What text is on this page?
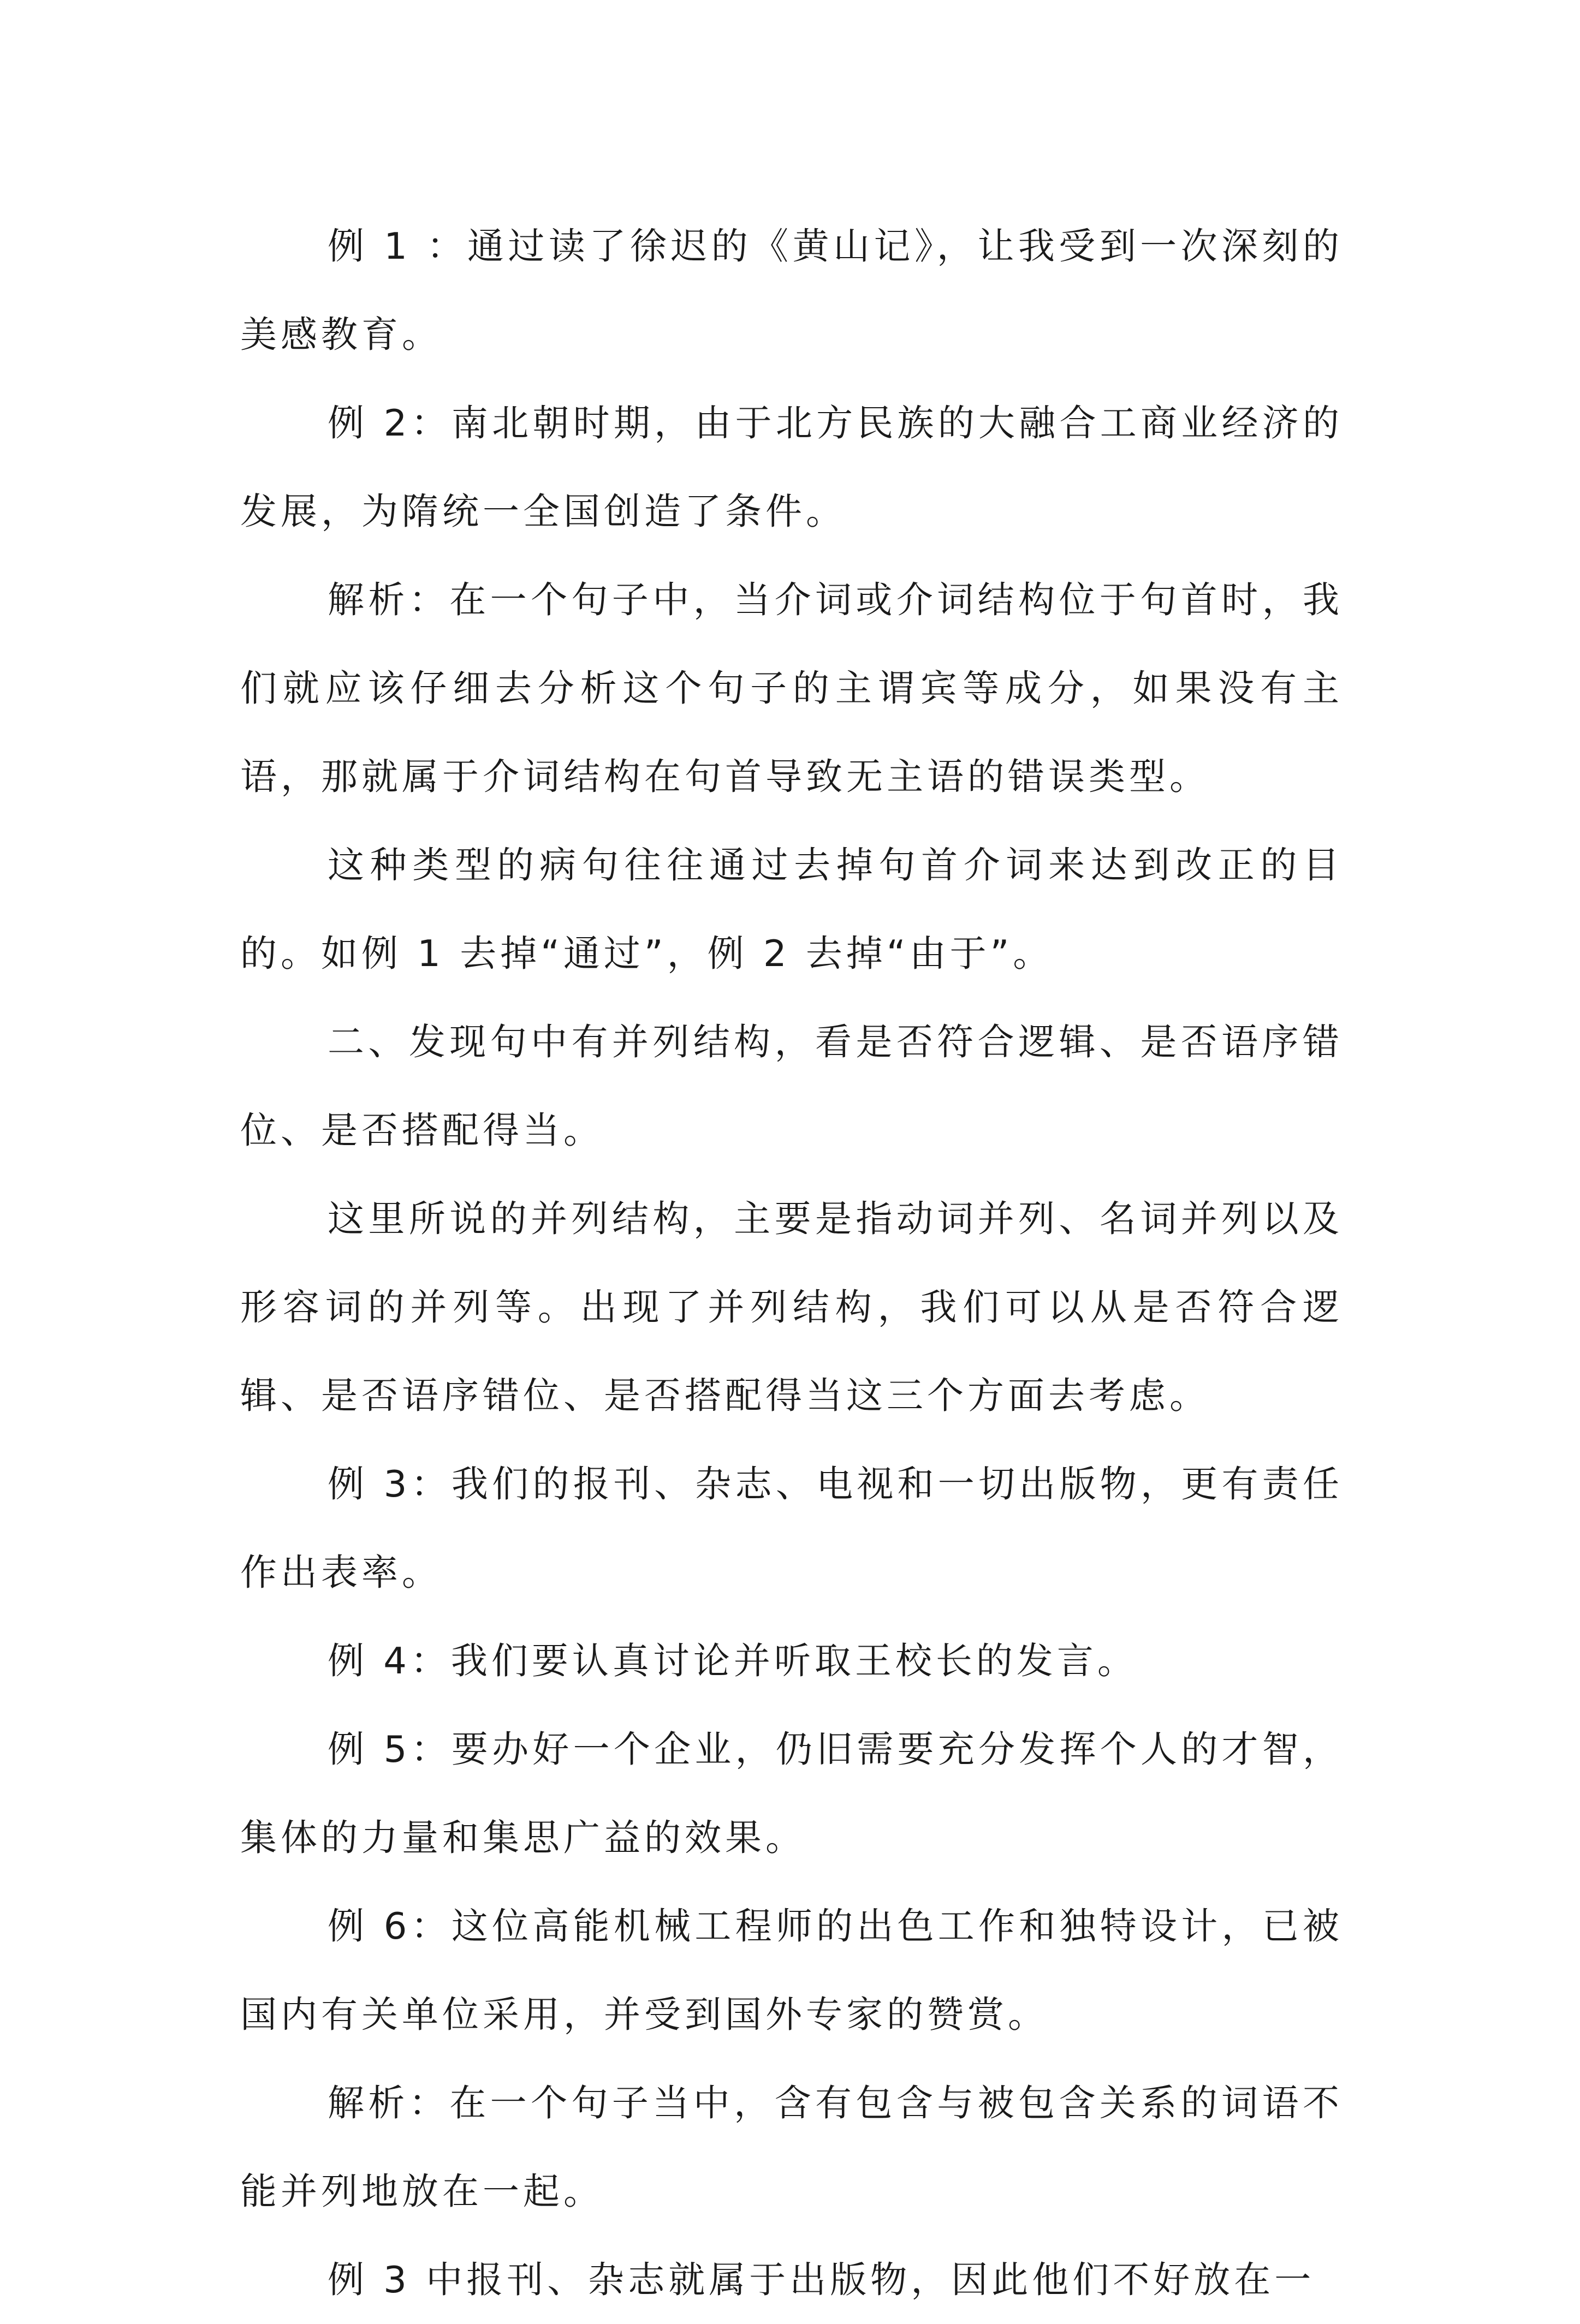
例 1 ：通过读了徐迟的《黄山记》，让我受到一次深刻的美感教育。

例 2：南北朝时期，由于北方民族的大融合工商业经济的发展，为隋统一全国创造了条件。

解析：在一个句子中，当介词或介词结构位于句首时，我们就应该仔细去分析这个句子的主谓宾等成分，如果没有主语，那就属于介词结构在句首导致无主语的错误类型。

这种类型的病句往往通过去掉句首介词来达到改正的目的。如例 1 去掉“通过”，例 2 去掉“由于”。

二、发现句中有并列结构，看是否符合逻辑、是否语序错位、是否搭配得当。

这里所说的并列结构，主要是指动词并列、名词并列以及形容词的并列等。出现了并列结构，我们可以从是否符合逻辑、是否语序错位、是否搭配得当这三个方面去考虑。

例 3：我们的报刊、杂志、电视和一切出版物，更有责任作出表率。

例 4：我们要认真讨论并听取王校长的发言。

例 5：要办好一个企业，仍旧需要充分发挥个人的才智，集体的力量和集思广益的效果。

例 6：这位高能机械工程师的出色工作和独特设计，已被国内有关单位采用，并受到国外专家的赞赏。

解析：在一个句子当中，含有包含与被包含关系的词语不能并列地放在一起。

例 3 中报刊、杂志就属于出版物，因此他们不好放在一
